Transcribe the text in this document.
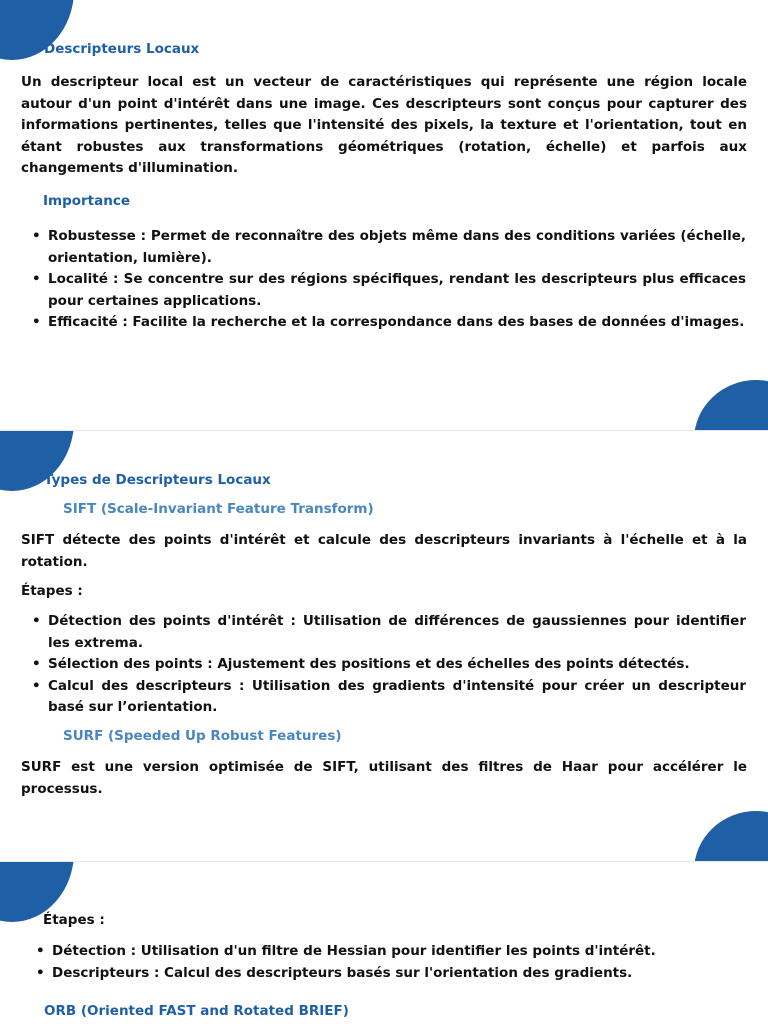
Descripteurs Locaux

Un descripteur local est un vecteur de caractéristiques qui représente une région locale autour d'un point d'intérêt dans une image. Ces descripteurs sont conçus pour capturer des informations pertinentes, telles que l'intensité des pixels, la texture et l'orientation, tout en étant robustes aux transformations géométriques (rotation, échelle) et parfois aux changements d'illumination.

Importance
• Robustesse : Permet de reconnaître des objets même dans des conditions variées (échelle, orientation, lumière).
• Localité : Se concentre sur des régions spécifiques, rendant les descripteurs plus efficaces pour certaines applications.
• Efficacité : Facilite la recherche et la correspondance dans des bases de données d'images.
Types de Descripteurs Locaux
SIFT (Scale-Invariant Feature Transform)

SIFT détecte des points d'intérêt et calcule des descripteurs invariants à l'échelle et à la rotation.

Étapes :
• Détection des points d'intérêt : Utilisation de différences de gaussiennes pour identifier les extrema.
• Sélection des points : Ajustement des positions et des échelles des points détectés.
• Calcul des descripteurs : Utilisation des gradients d'intensité pour créer un descripteur basé sur l’orientation.
SURF (Speeded Up Robust Features)

SURF est une version optimisée de SIFT, utilisant des filtres de Haar pour accélérer le processus.

Étapes :
• Détection : Utilisation d'un filtre de Hessian pour identifier les points d'intérêt.
• Descripteurs : Calcul des descripteurs basés sur l'orientation des gradients.
ORB (Oriented FAST and Rotated BRIEF)
